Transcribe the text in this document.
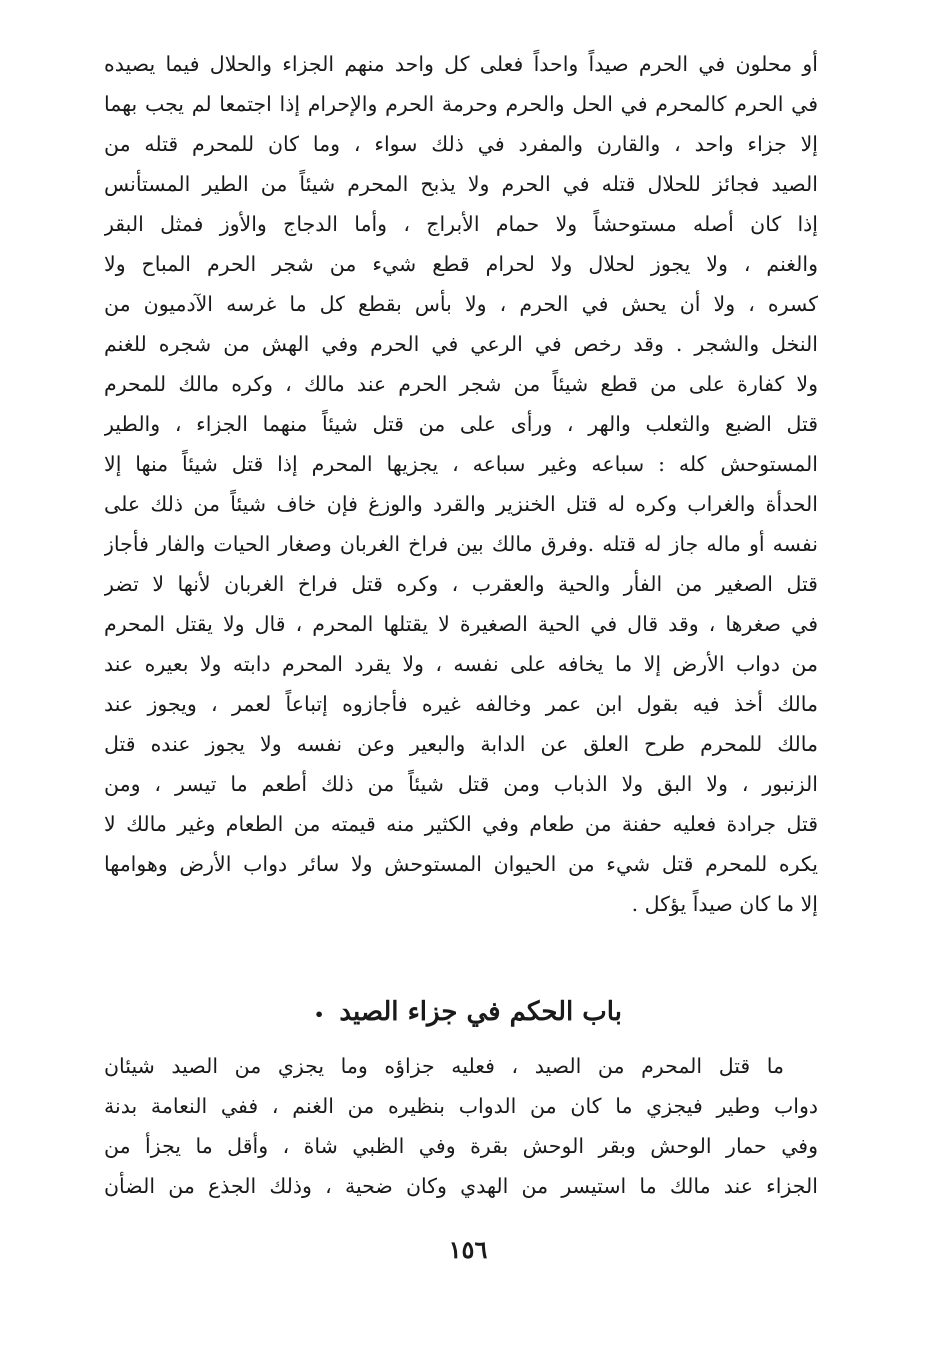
أو محلون في الحرم صيداً واحداً فعلى كل واحد منهم الجزاء والحلال فيما يصيده
في الحرم كالمحرم في الحل والحرم وحرمة الحرم والإحرام إذا اجتمعا لم يجب بهما
إلا جزاء واحد ، والقارن والمفرد في ذلك سواء ، وما كان للمحرم قتله من
الصيد فجائز للحلال قتله في الحرم ولا يذبح المحرم شيئاً من الطير المستأنس
إذا كان أصله مستوحشاً ولا حمام الأبراج ، وأما الدجاج والأوز فمثل البقر
والغنم ، ولا يجوز لحلال ولا لحرام قطع شيء من شجر الحرم المباح ولا
كسره ، ولا أن يحش في الحرم ، ولا بأس بقطع كل ما غرسه الآدميون من
النخل والشجر . وقد رخص في الرعي في الحرم وفي الهش من شجره للغنم
ولا كفارة على من قطع شيئاً من شجر الحرم عند مالك ، وكره مالك للمحرم
قتل الضبع والثعلب والهر ، ورأى على من قتل شيئاً منهما الجزاء ، والطير
المستوحش كله : سباعه وغير سباعه ، يجزيها المحرم إذا قتل شيئاً منها إلا
الحدأة والغراب وكره له قتل الخنزير والقرد والوزغ فإن خاف شيئاً من ذلك على
نفسه أو ماله جاز له قتله .وفرق مالك بين فراخ الغربان وصغار الحيات والفار فأجاز
قتل الصغير من الفأر والحية والعقرب ، وكره قتل فراخ الغربان لأنها لا تضر
في صغرها ، وقد قال في الحية الصغيرة لا يقتلها المحرم ، قال ولا يقتل المحرم
من دواب الأرض إلا ما يخافه على نفسه ، ولا يقرد المحرم دابته ولا بعيره عند
مالك أخذ فيه بقول ابن عمر وخالفه غيره فأجازوه إتباعاً لعمر ، ويجوز عند
مالك للمحرم طرح العلق عن الدابة والبعير وعن نفسه ولا يجوز عنده قتل
الزنبور ، ولا البق ولا الذباب ومن قتل شيئاً من ذلك أطعم ما تيسر ، ومن
قتل جرادة فعليه حفنة من طعام وفي الكثير منه قيمته من الطعام وغير مالك لا
يكره للمحرم قتل شيء من الحيوان المستوحش ولا سائر دواب الأرض وهوامها
إلا ما كان صيداً يؤكل .
باب الحكم في جزاء الصيد •
ما قتل المحرم من الصيد ، فعليه جزاؤه وما يجزي من الصيد شيئان
دواب وطير فيجزي ما كان من الدواب بنظيره من الغنم ، ففي النعامة بدنة
وفي حمار الوحش وبقر الوحش بقرة وفي الظبي شاة ، وأقل ما يجزأ من
الجزاء عند مالك ما استيسر من الهدي وكان ضحية ، وذلك الجذع من الضأن
١٥٦
